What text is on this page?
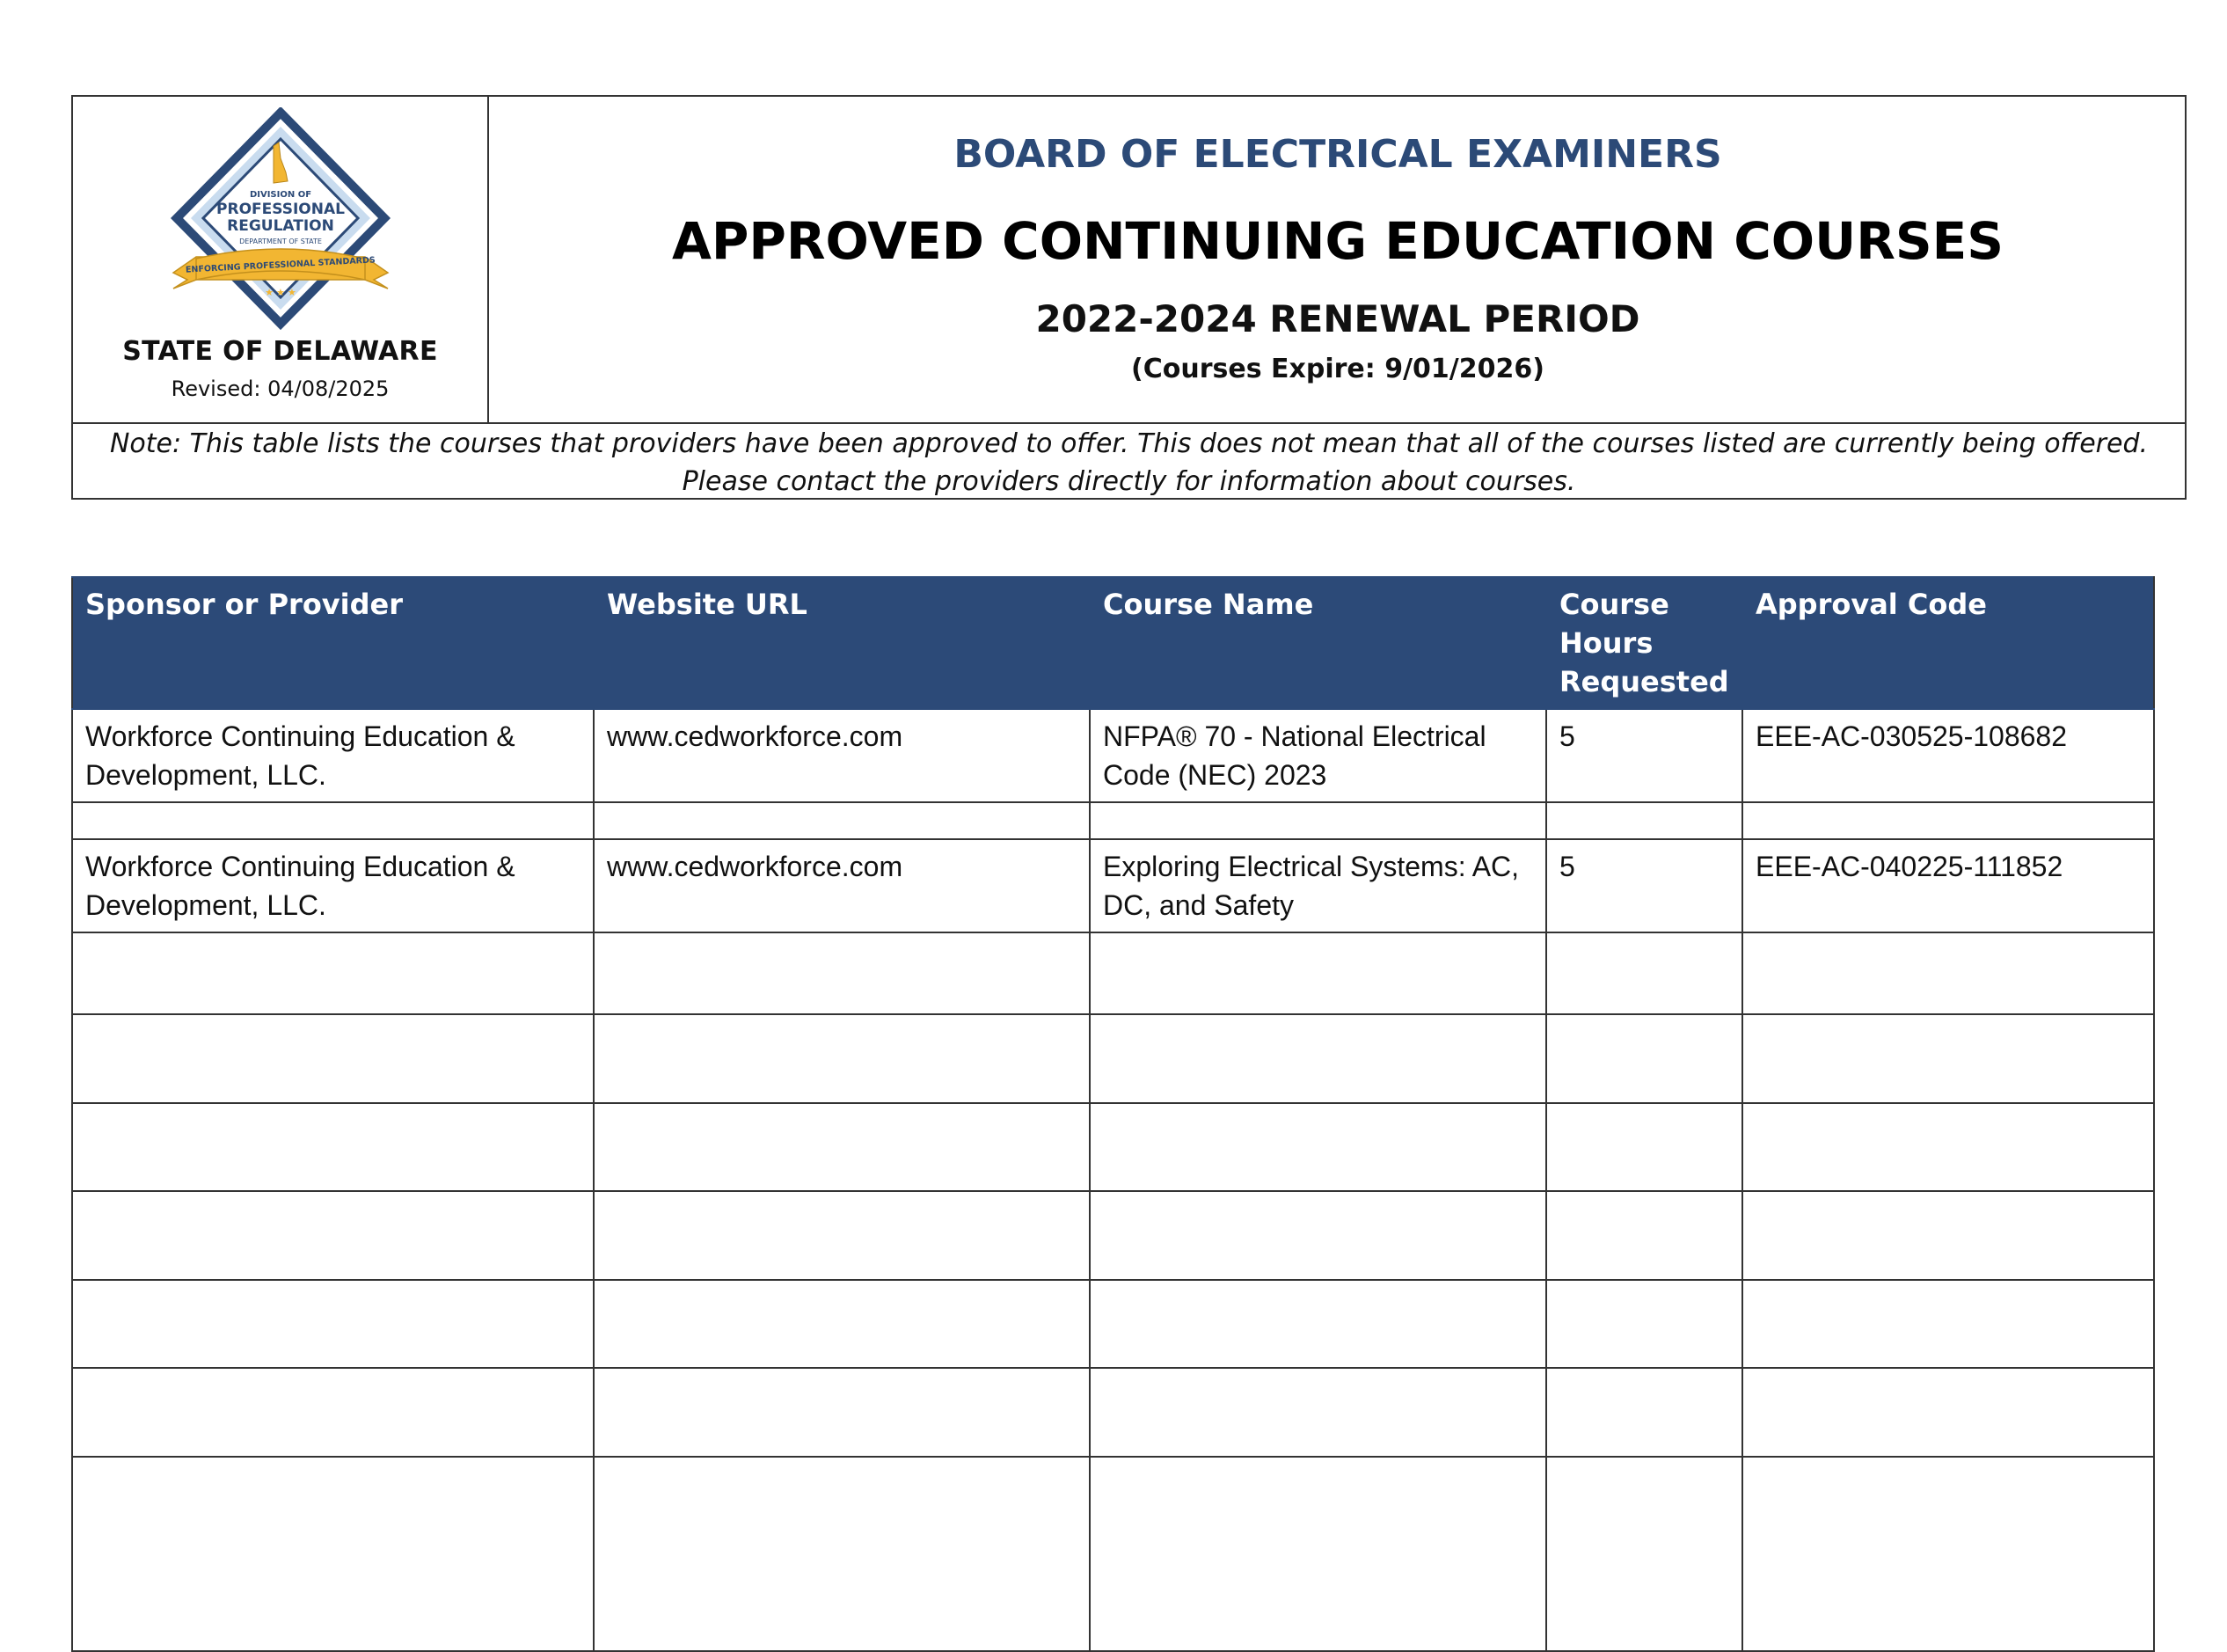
DIVISION OF
PROFESSIONAL
REGULATION
DEPARTMENT OF STATE
ENFORCING PROFESSIONAL STANDARDS
★ ★ ★
STATE OF DELAWARE
Revised: 04/08/2025
BOARD OF ELECTRICAL EXAMINERS
APPROVED CONTINUING EDUCATION COURSES
2022-2024 RENEWAL PERIOD
(Courses Expire: 9/01/2026)
Note: This table lists the courses that providers have been approved to offer. This does not mean that all of the courses listed are currently being offered.
Please contact the providers directly for information about courses.
Sponsor or Provider	Website URL	Course Name	Course Hours Requested	Approval Code
Workforce Continuing Education & Development, LLC.	www.cedworkforce.com	NFPA® 70 - National Electrical Code (NEC) 2023	5	EEE-AC-030525-108682

Workforce Continuing Education & Development, LLC.	www.cedworkforce.com	Exploring Electrical Systems: AC, DC, and Safety	5	EEE-AC-040225-111852
